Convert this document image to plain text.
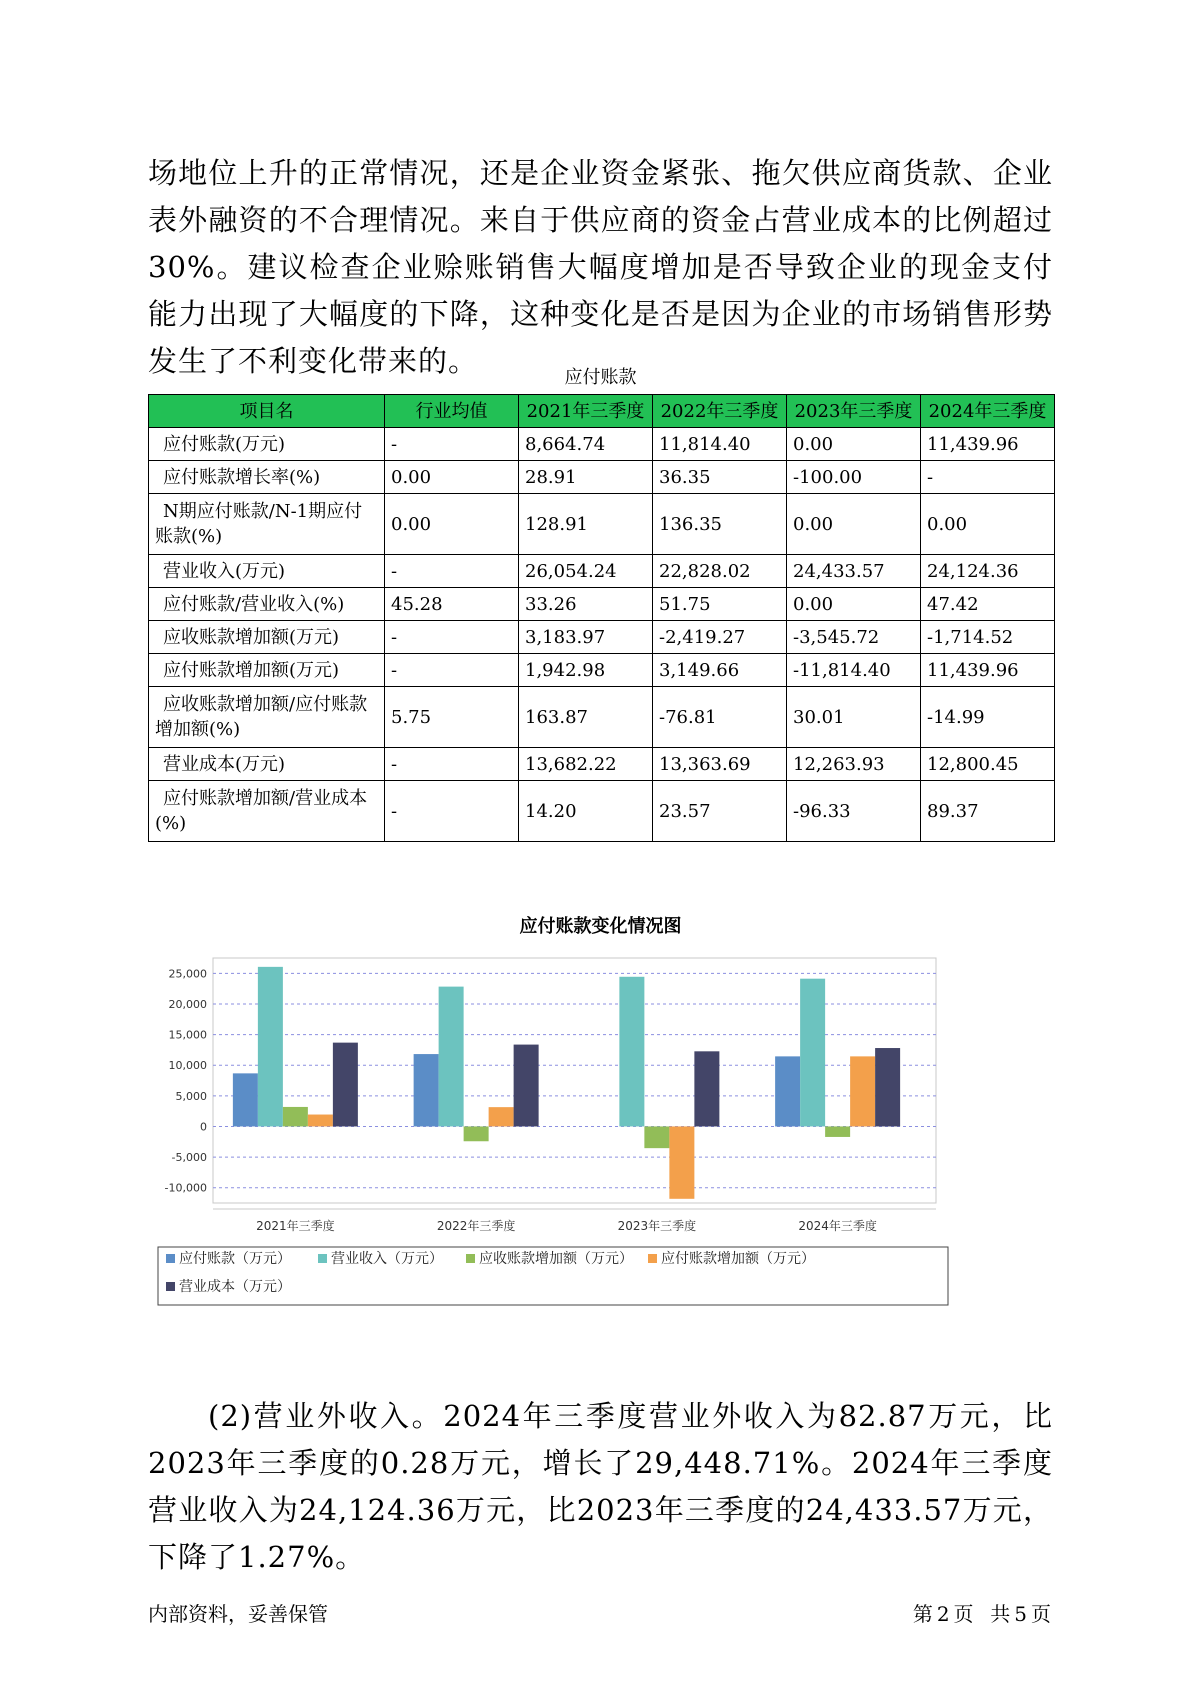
场地位上升的正常情况，还是企业资金紧张、拖欠供应商货款、企业表外融资的不合理情况。来自于供应商的资金占营业成本的比例超过30%。建议检查企业赊账销售大幅度增加是否导致企业的现金支付能力出现了大幅度的下降，这种变化是否是因为企业的市场销售形势发生了不利变化带来的。	应付账款
项目名	行业均值	2021年三季度	2022年三季度	2023年三季度	2024年三季度
应付账款(万元)	-	8,664.74	11,814.40	0.00	11,439.96
应付账款增长率(%)	0.00	28.91	36.35	-100.00	-
N期应付账款/N-1期应付账款(%)	0.00	128.91	136.35	0.00	0.00
营业收入(万元)	-	26,054.24	22,828.02	24,433.57	24,124.36
应付账款/营业收入(%)	45.28	33.26	51.75	0.00	47.42
应收账款增加额(万元)	-	3,183.97	-2,419.27	-3,545.72	-1,714.52
应付账款增加额(万元)	-	1,942.98	3,149.66	-11,814.40	11,439.96
应收账款增加额/应付账款增加额(%)	5.75	163.87	-76.81	30.01	-14.99
营业成本(万元)	-	13,682.22	13,363.69	12,263.93	12,800.45
应付账款增加额/营业成本(%)	-	14.20	23.57	-96.33	89.37
应付账款变化情况图
25,000
20,000
15,000
10,000
5,000
0
-5,000
-10,000
2021年三季度	2022年三季度	2023年三季度	2024年三季度
应付账款（万元）	营业收入（万元）	应收账款增加额（万元） 应付账款增加额（万元）
营业成本（万元）

(2)营业外收入。2024年三季度营业外收入为82.87万元，比2023年三季度的0.28万元，增长了29,448.71%。2024年三季度营业收入为24,124.36万元，比2023年三季度的24,433.57万元，下降了1.27%。

内部资料，妥善保管	第 2 页 共 5 页
